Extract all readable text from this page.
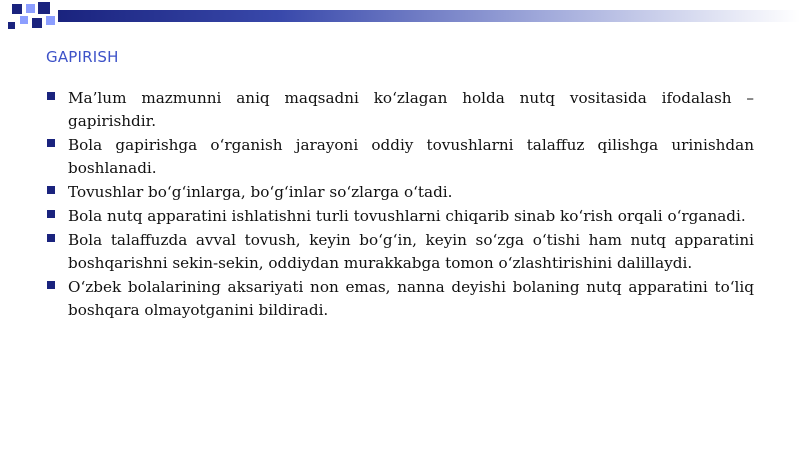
GAPIRISH
Ma’lum mazmunni aniq maqsadni ko‘zlagan holda nutq vositasida ifodalash – gapirishdir.
Bola gapirishga o‘rganish jarayoni oddiy tovushlarni talaffuz qilishga urinishdan boshlanadi.
Tovushlar bo‘g‘inlarga, bo‘g‘inlar so‘zlarga o‘tadi.
Bola nutq apparatini ishlatishni turli tovushlarni chiqarib sinab ko‘rish orqali o‘rganadi.
Bola talaffuzda avval tovush, keyin bo‘g‘in, keyin so‘zga o‘tishi ham nutq apparatini boshqarishni sekin-sekin, oddiydan murakkabga tomon o‘zlashtirishini dalillaydi.
O‘zbek bolalarining aksariyati non emas, nanna deyishi bolaning nutq apparatini to‘liq boshqara olmayotganini bildiradi.
